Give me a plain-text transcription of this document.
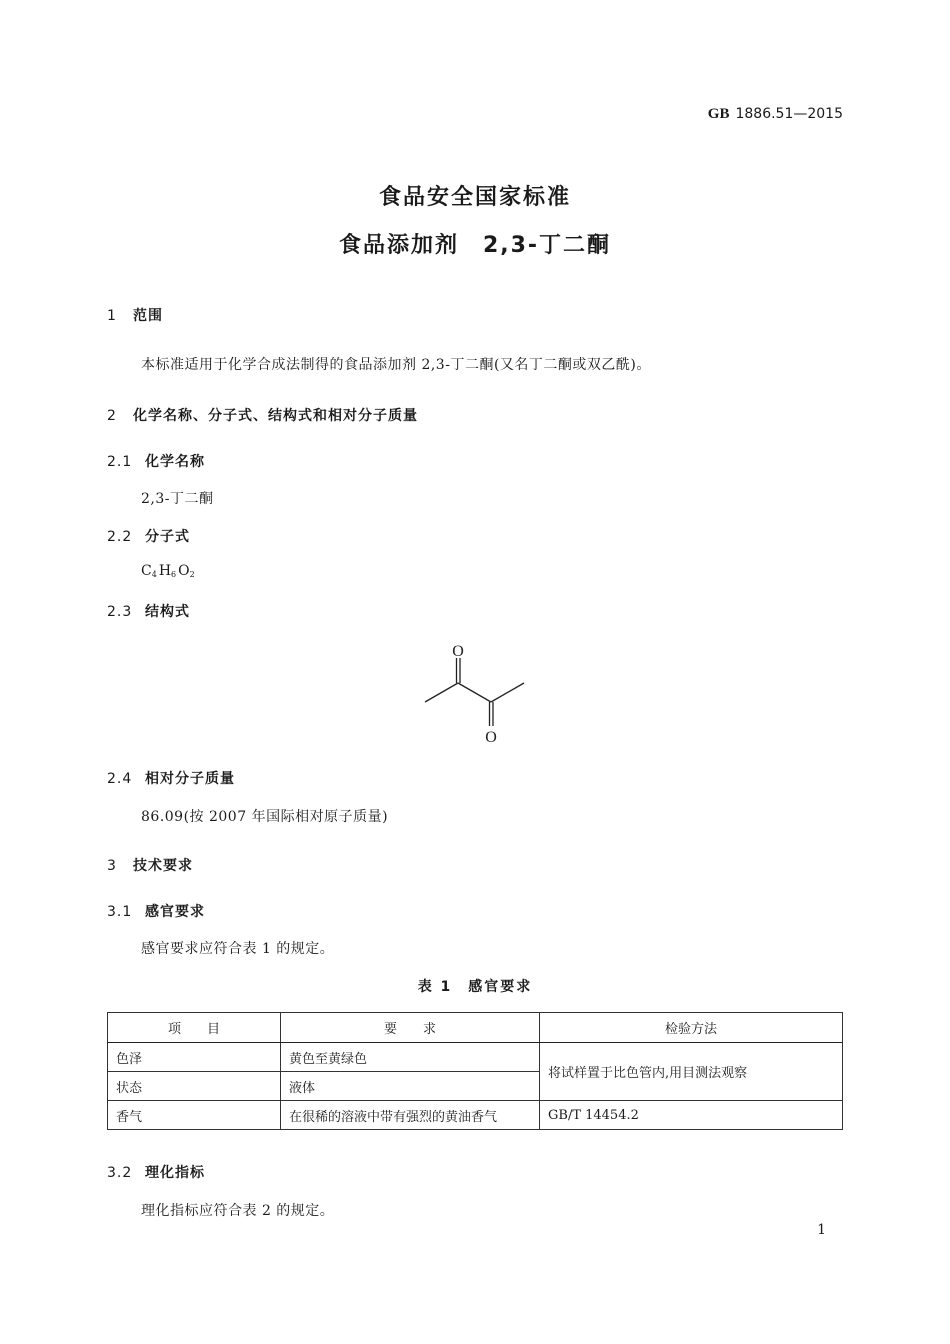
GB 1886.51—2015
食品安全国家标准
食品添加剂　2,3-丁二酮
1 范围
本标准适用于化学合成法制得的食品添加剂 2,3-丁二酮(又名丁二酮或双乙酰)。
2 化学名称、分子式、结构式和相对分子质量
2.1 化学名称
2,3-丁二酮
2.2 分子式
$C_4$ $H_6$ $O_2$
2.3 结构式
O
O
2.4 相对分子质量
86.09(按 2007 年国际相对原子质量)
3 技术要求
3.1 感官要求
感官要求应符合表 1 的规定。
表 1　感官要求
项　　目	要　　求	检验方法
色泽	黄色至黄绿色	将试样置于比色管内,用目测法观察
状态	液体	
香气	在很稀的溶液中带有强烈的黄油香气	GB/T 14454.2
3.2 理化指标
理化指标应符合表 2 的规定。
1
